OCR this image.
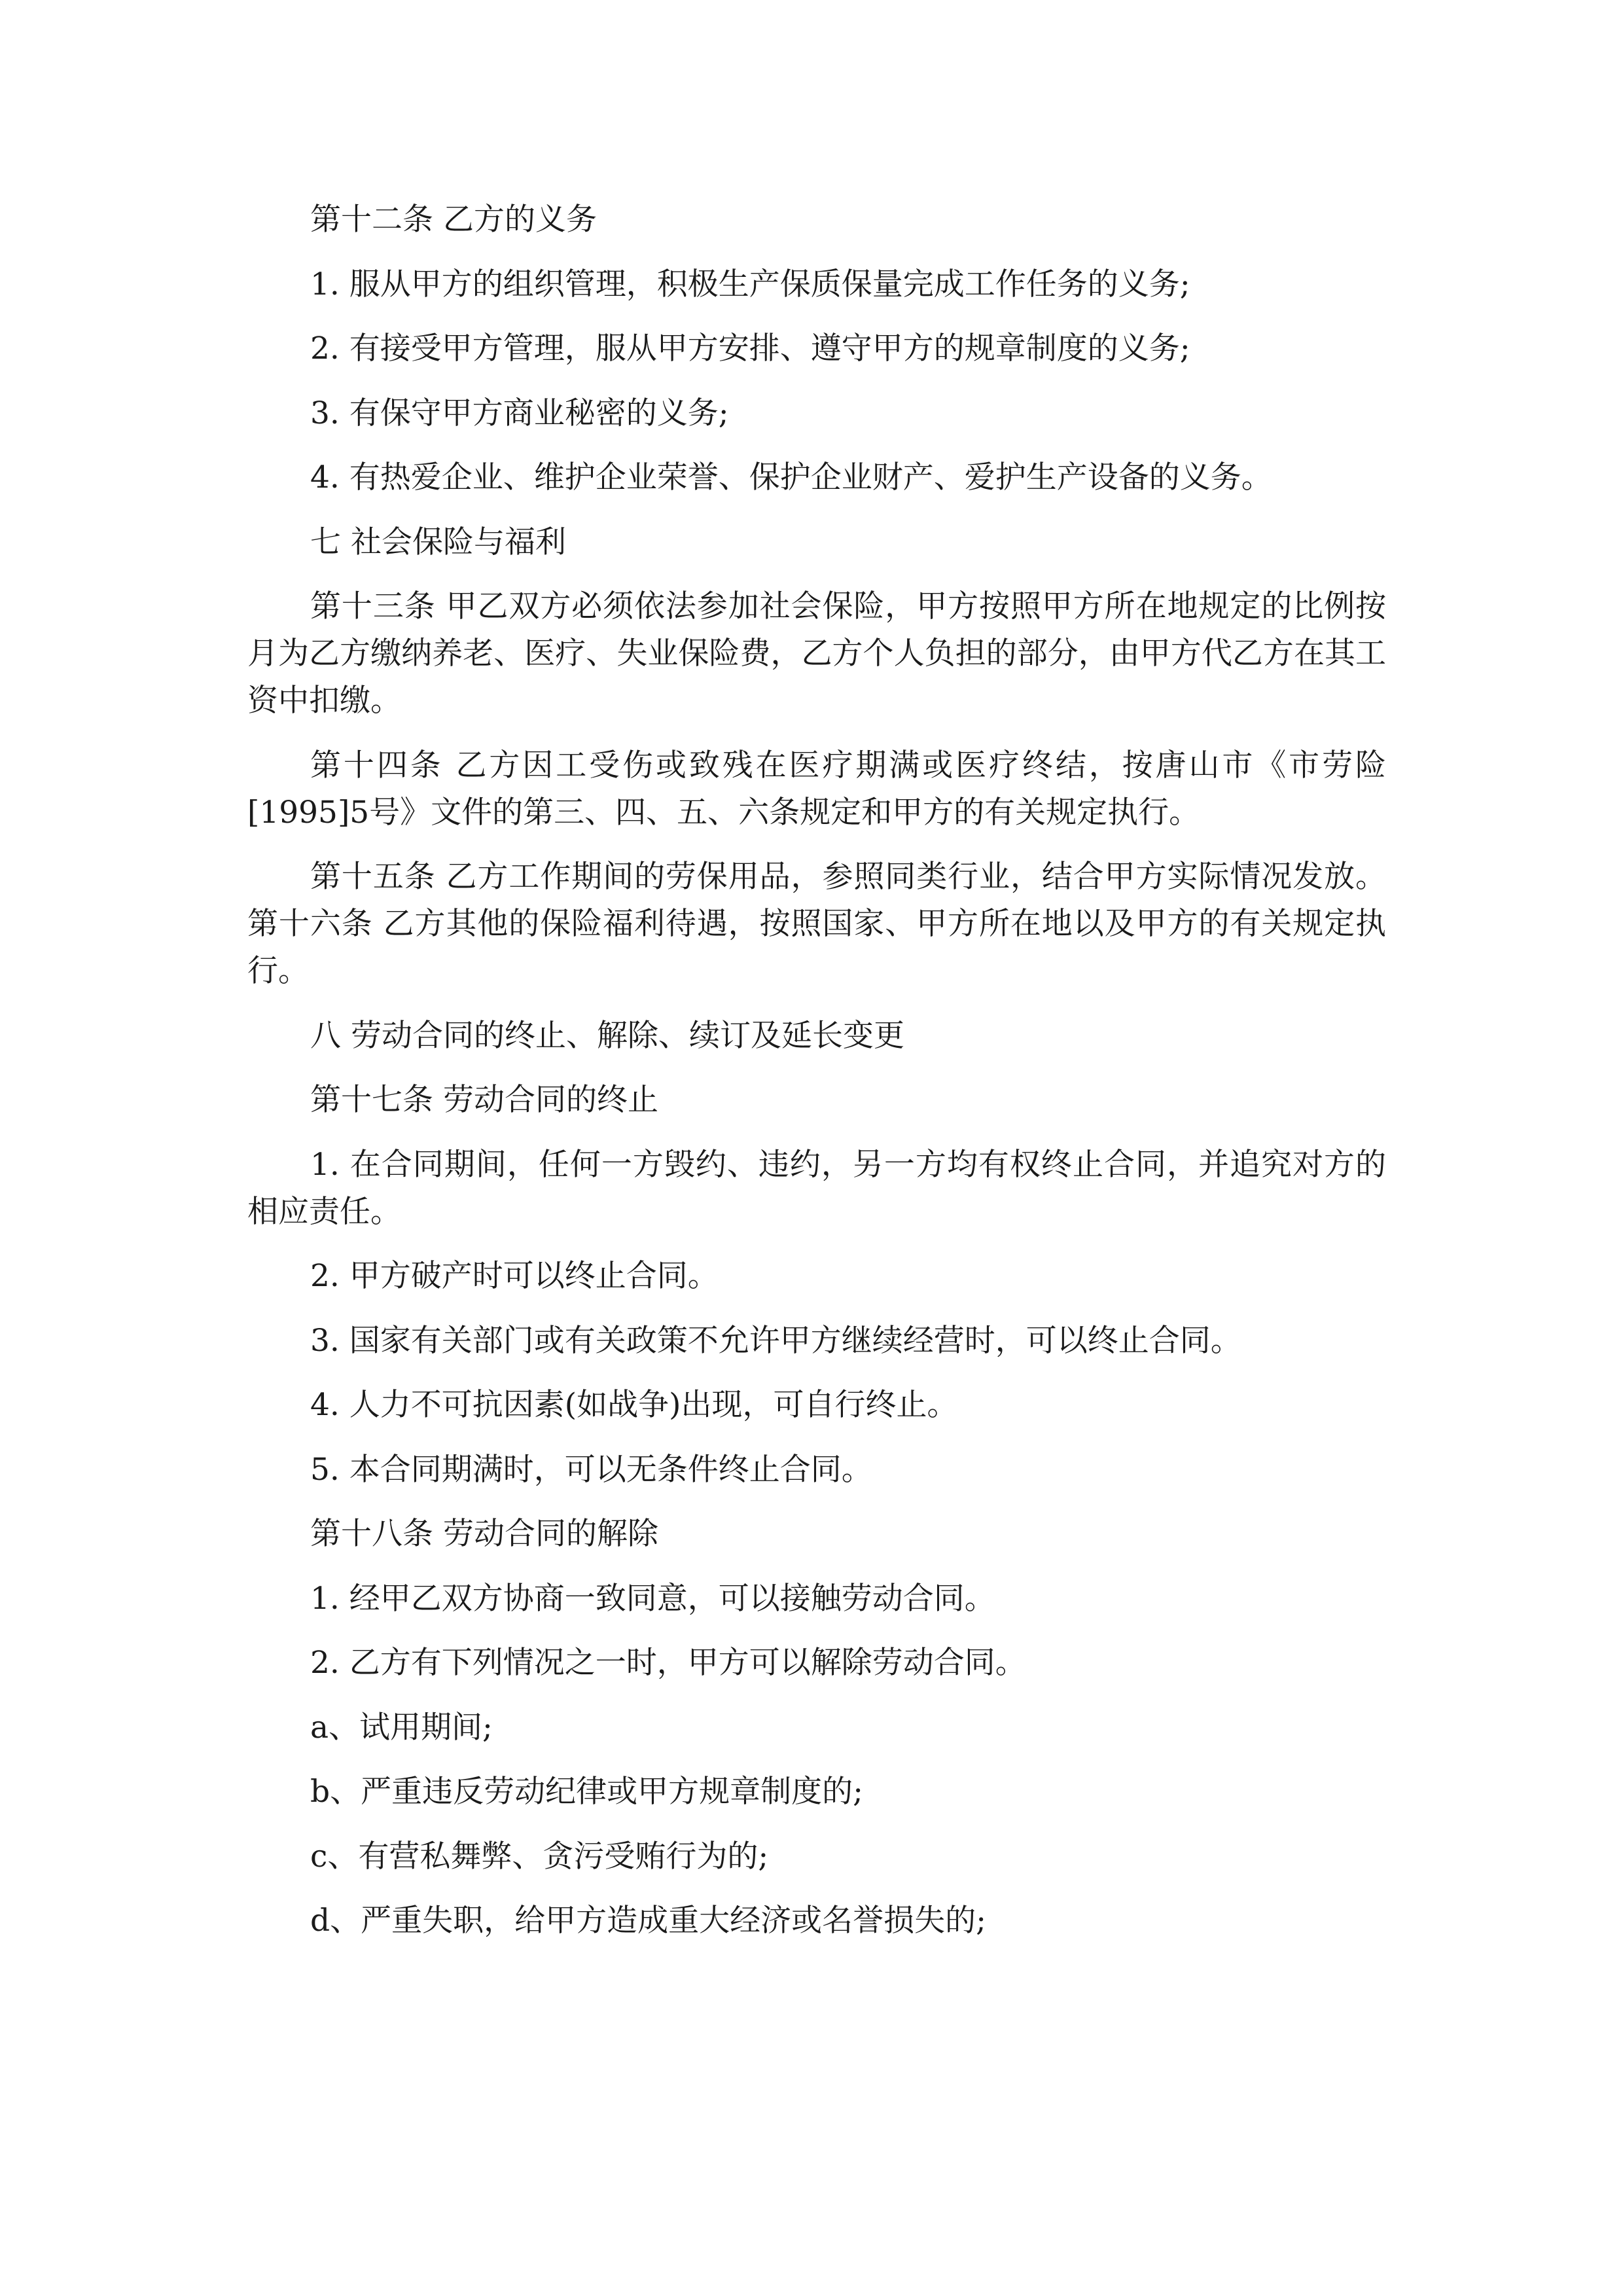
第十二条 乙方的义务

1. 服从甲方的组织管理，积极生产保质保量完成工作任务的义务;

2. 有接受甲方管理，服从甲方安排、遵守甲方的规章制度的义务;

3. 有保守甲方商业秘密的义务;

4. 有热爱企业、维护企业荣誉、保护企业财产、爱护生产设备的义务。

七 社会保险与福利

第十三条 甲乙双方必须依法参加社会保险，甲方按照甲方所在地规定的比例按月为乙方缴纳养老、医疗、失业保险费，乙方个人负担的部分，由甲方代乙方在其工资中扣缴。

第十四条 乙方因工受伤或致残在医疗期满或医疗终结，按唐山市《市劳险[1995]5号》文件的第三、四、五、六条规定和甲方的有关规定执行。

第十五条 乙方工作期间的劳保用品，参照同类行业，结合甲方实际情况发放。 第十六条 乙方其他的保险福利待遇，按照国家、甲方所在地以及甲方的有关规定执行。

八 劳动合同的终止、解除、续订及延长变更

第十七条 劳动合同的终止

1. 在合同期间，任何一方毁约、违约，另一方均有权终止合同，并追究对方的相应责任。

2. 甲方破产时可以终止合同。

3. 国家有关部门或有关政策不允许甲方继续经营时，可以终止合同。

4. 人力不可抗因素(如战争)出现，可自行终止。

5. 本合同期满时，可以无条件终止合同。

第十八条 劳动合同的解除

1. 经甲乙双方协商一致同意，可以接触劳动合同。

2. 乙方有下列情况之一时，甲方可以解除劳动合同。

a、试用期间;

b、严重违反劳动纪律或甲方规章制度的;

c、有营私舞弊、贪污受贿行为的;

d、严重失职，给甲方造成重大经济或名誉损失的;
